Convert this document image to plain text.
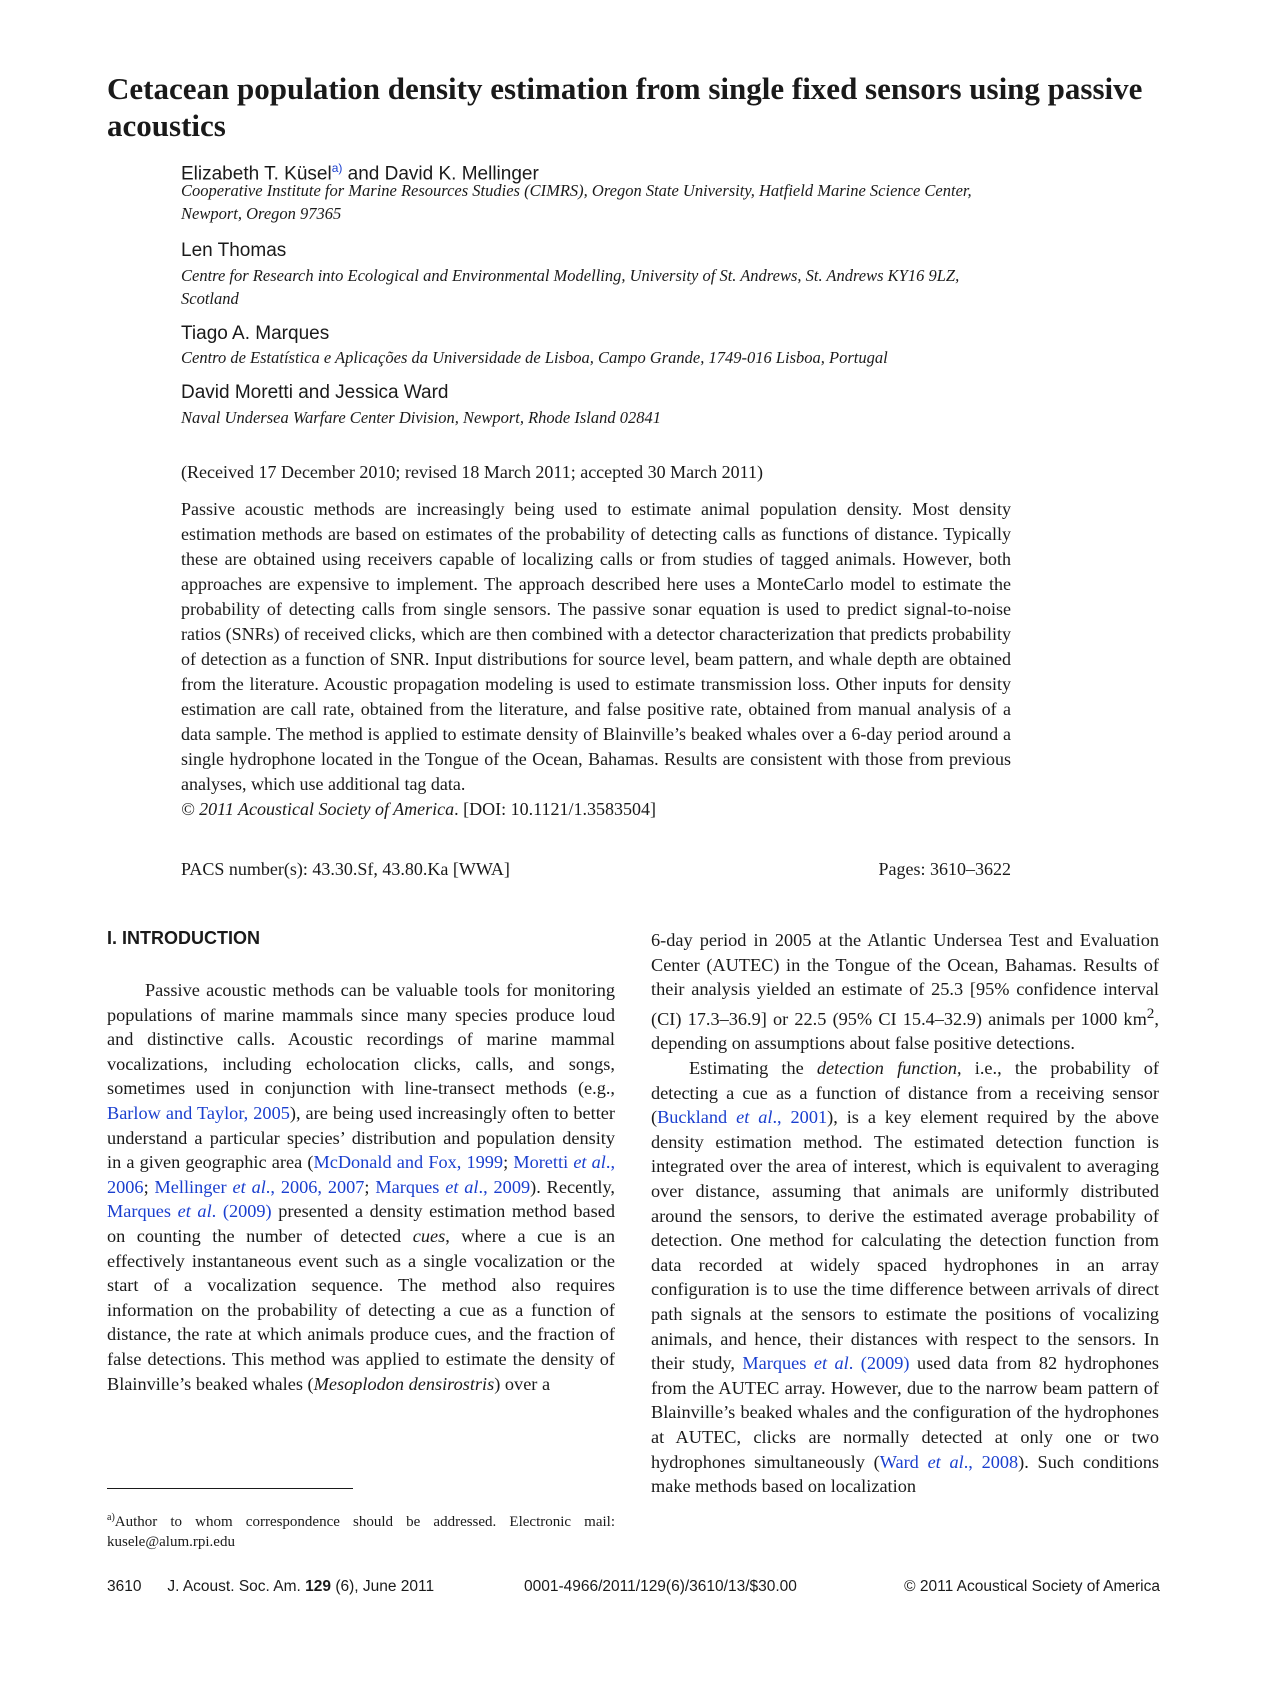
Cetacean population density estimation from single fixed sensors using passive acoustics
Elizabeth T. Küsel$^{a)}$ and David K. Mellinger
Cooperative Institute for Marine Resources Studies (CIMRS), Oregon State University, Hatfield Marine Science Center, Newport, Oregon 97365
Len Thomas
Centre for Research into Ecological and Environmental Modelling, University of St. Andrews, St. Andrews KY16 9LZ, Scotland
Tiago A. Marques
Centro de Estatística e Aplicações da Universidade de Lisboa, Campo Grande, 1749-016 Lisboa, Portugal
David Moretti and Jessica Ward
Naval Undersea Warfare Center Division, Newport, Rhode Island 02841
(Received 17 December 2010; revised 18 March 2011; accepted 30 March 2011)

Passive acoustic methods are increasingly being used to estimate animal population density. Most density estimation methods are based on estimates of the probability of detecting calls as functions of distance. Typically these are obtained using receivers capable of localizing calls or from studies of tagged animals. However, both approaches are expensive to implement. The approach described here uses a MonteCarlo model to estimate the probability of detecting calls from single sensors. The passive sonar equation is used to predict signal-to-noise ratios (SNRs) of received clicks, which are then combined with a detector characterization that predicts probability of detection as a function of SNR. Input distributions for source level, beam pattern, and whale depth are obtained from the literature. Acoustic propagation modeling is used to estimate transmission loss. Other inputs for density estimation are call rate, obtained from the literature, and false positive rate, obtained from manual analysis of a data sample. The method is applied to estimate density of Blainville’s beaked whales over a 6-day period around a single hydrophone located in the Tongue of the Ocean, Bahamas. Results are consistent with those from previous analyses, which use additional tag data.
© 2011 Acoustical Society of America. [DOI: 10.1121/1.3583504]

PACS number(s): 43.30.Sf, 43.80.Ka [WWA]	Pages: 3610–3622
I. INTRODUCTION

Passive acoustic methods can be valuable tools for monitoring populations of marine mammals since many species produce loud and distinctive calls. Acoustic recordings of marine mammal vocalizations, including echolocation clicks, calls, and songs, sometimes used in conjunction with line-transect methods (e.g., Barlow and Taylor, 2005), are being used increasingly often to better understand a particular species’ distribution and population density in a given geographic area (McDonald and Fox, 1999; Moretti et al., 2006; Mellinger et al., 2006, 2007; Marques et al., 2009). Recently, Marques et al. (2009) presented a density estimation method based on counting the number of detected cues, where a cue is an effectively instantaneous event such as a single vocalization or the start of a vocalization sequence. The method also requires information on the probability of detecting a cue as a function of distance, the rate at which animals produce cues, and the fraction of false detections. This method was applied to estimate the density of Blainville’s beaked whales (Mesoplodon densirostris) over a

6-day period in 2005 at the Atlantic Undersea Test and Evaluation Center (AUTEC) in the Tongue of the Ocean, Bahamas. Results of their analysis yielded an estimate of 25.3 [95% confidence interval (CI) 17.3–36.9] or 22.5 (95% CI 15.4–32.9) animals per 1000 $km^2$, depending on assumptions about false positive detections.

Estimating the detection function, i.e., the probability of detecting a cue as a function of distance from a receiving sensor (Buckland et al., 2001), is a key element required by the above density estimation method. The estimated detection function is integrated over the area of interest, which is equivalent to averaging over distance, assuming that animals are uniformly distributed around the sensors, to derive the estimated average probability of detection. One method for calculating the detection function from data recorded at widely spaced hydrophones in an array configuration is to use the time difference between arrivals of direct path signals at the sensors to estimate the positions of vocalizing animals, and hence, their distances with respect to the sensors. In their study, Marques et al. (2009) used data from 82 hydrophones from the AUTEC array. However, due to the narrow beam pattern of Blainville’s beaked whales and the configuration of the hydrophones at AUTEC, clicks are normally detected at only one or two hydrophones simultaneously (Ward et al., 2008). Such conditions make methods based on localization

$^{a)}$Author to whom correspondence should be addressed. Electronic mail: kusele@alum.rpi.edu
3610      J. Acoust. Soc. Am. 129 (6), June 2011	0001-4966/2011/129(6)/3610/13/$30.00	© 2011 Acoustical Society of America
